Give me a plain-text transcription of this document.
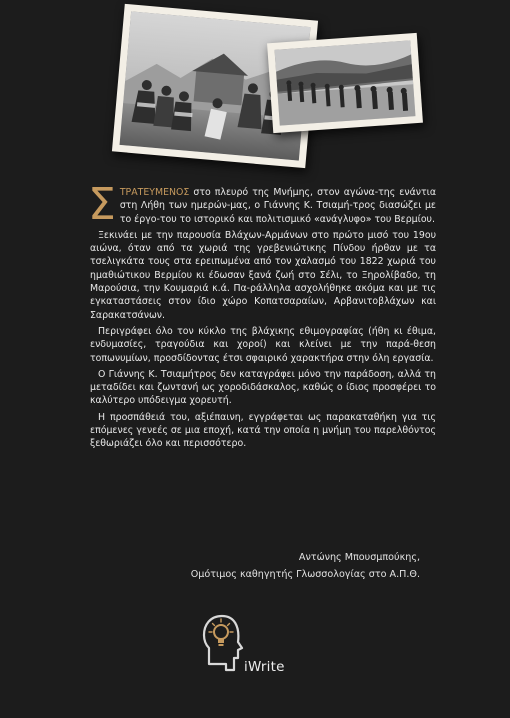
ΣΤΡΑΤΕΥΜΕΝΟΣ στο πλευρό της Μνήμης, στον αγώνα-της ενάντια στη Λήθη των ημερών-μας, ο Γιάννης Κ. Τσιαμή-τρος διασώζει με το έργο-του το ιστορικό και πολιτισμικό «ανάγλυφο» του Βερμίου.

Ξεκινάει με την παρουσία Βλάχων-Αρμάνων στο πρώτο μισό του 19ου αιώνα, όταν από τα χωριά της γρεβενιώτικης Πίνδου ήρθαν με τα τσελιγκάτα τους στα ερειπωμένα από τον χαλασμό του 1822 χωριά του ημαθιώτικου Βερμίου κι έδωσαν ξανά ζωή στο Σέλι, το Ξηρολίβαδο, τη Μαρούσια, την Κουμαριά κ.ά. Πα-ράλληλα ασχολήθηκε ακόμα και με τις εγκαταστάσεις στον ίδιο χώρο Κοπατσαραίων, Αρβανιτοβλάχων και Σαρακατσάνων.

Περιγράφει όλο τον κύκλο της βλάχικης εθιμογραφίας (ήθη κι έθιμα, ενδυμασίες, τραγούδια και χοροί) και κλείνει με την παρά-θεση τοπωνυμίων, προσδίδοντας έτσι σφαιρικό χαρακτήρα στην όλη εργασία.

Ο Γιάννης Κ. Τσιαμήτρος δεν καταγράφει μόνο την παράδοση, αλλά τη μεταδίδει και ζωντανή ως χοροδιδάσκαλος, καθώς ο ίδιος προσφέρει το καλύτερο υπόδειγμα χορευτή.

Η προσπάθειά του, αξιέπαινη, εγγράφεται ως παρακαταθήκη για τις επόμενες γενεές σε μια εποχή, κατά την οποία η μνήμη του παρελθόντος ξεθωριάζει όλο και περισσότερο.

Αντώνης Μπουσμπούκης,
Ομότιμος καθηγητής Γλωσσολογίας στο Α.Π.Θ.
iWrite
